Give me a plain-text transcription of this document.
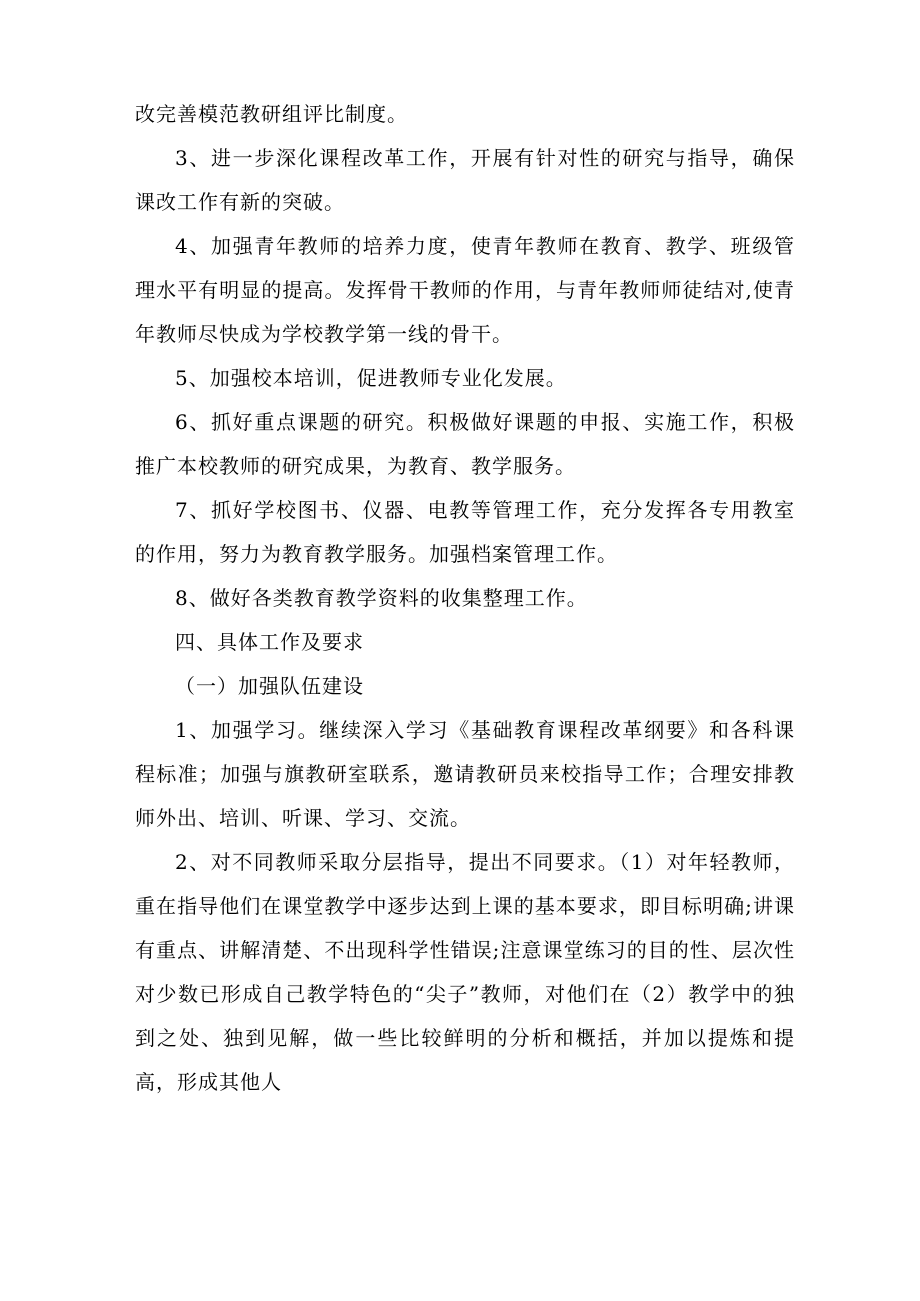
改完善模范教研组评比制度。

3、进一步深化课程改革工作，开展有针对性的研究与指导，确保课改工作有新的突破。

4、加强青年教师的培养力度，使青年教师在教育、教学、班级管理水平有明显的提高。发挥骨干教师的作用，与青年教师师徒结对,使青年教师尽快成为学校教学第一线的骨干。

5、加强校本培训，促进教师专业化发展。

6、抓好重点课题的研究。积极做好课题的申报、实施工作，积极推广本校教师的研究成果，为教育、教学服务。

7、抓好学校图书、仪器、电教等管理工作，充分发挥各专用教室的作用，努力为教育教学服务。加强档案管理工作。

8、做好各类教育教学资料的收集整理工作。

四、具体工作及要求

（一）加强队伍建设

1、加强学习。继续深入学习《基础教育课程改革纲要》和各科课程标准；加强与旗教研室联系，邀请教研员来校指导工作；合理安排教师外出、培训、听课、学习、交流。

2、对不同教师采取分层指导，提出不同要求。（1）对年轻教师，重在指导他们在课堂教学中逐步达到上课的基本要求，即目标明确;讲课有重点、讲解清楚、不出现科学性错误;注意课堂练习的目的性、层次性对少数已形成自己教学特色的“尖子”教师，对他们在（2）教学中的独到之处、独到见解，做一些比较鲜明的分析和概括，并加以提炼和提高，形成其他人
